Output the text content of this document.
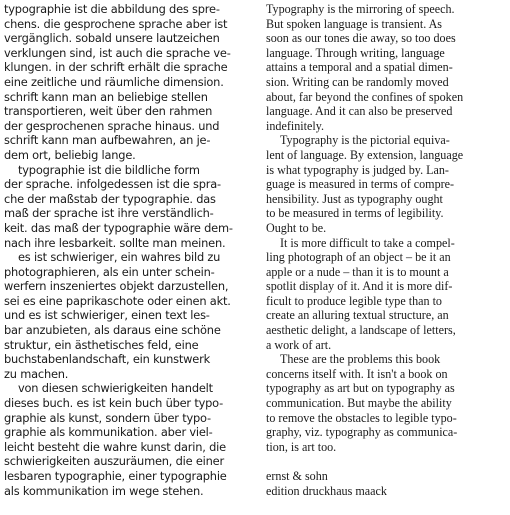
typographie ist die abbildung des spre-
chens. die gesprochene sprache aber ist
vergänglich. sobald unsere lautzeichen
verklungen sind, ist auch die sprache ve-
klungen. in der schrift erhält die sprache
eine zeitliche und räumliche dimension.
schrift kann man an beliebige stellen
transportieren, weit über den rahmen
der gesprochenen sprache hinaus. und
schrift kann man aufbewahren, an je-
dem ort, beliebig lange.
typographie ist die bildliche form
der sprache. infolgedessen ist die spra-
che der maßstab der typographie. das
maß der sprache ist ihre verständlich-
keit. das maß der typographie wäre dem-
nach ihre lesbarkeit. sollte man meinen.
es ist schwieriger, ein wahres bild zu
photographieren, als ein unter schein-
werfern inszeniertes objekt darzustellen,
sei es eine paprikaschote oder einen akt.
und es ist schwieriger, einen text les-
bar anzubieten, als daraus eine schöne
struktur, ein ästhetisches feld, eine
buchstabenlandschaft, ein kunstwerk
zu machen.
von diesen schwierigkeiten handelt
dieses buch. es ist kein buch über typo-
graphie als kunst, sondern über typo-
graphie als kommunikation. aber viel-
leicht besteht die wahre kunst darin, die
schwierigkeiten auszuräumen, die einer
lesbaren typographie, einer typographie
als kommunikation im wege stehen.
Typography is the mirroring of speech.
But spoken language is transient. As
soon as our tones die away, so too does
language. Through writing, language
attains a temporal and a spatial dimen-
sion. Writing can be randomly moved
about, far beyond the confines of spoken
language. And it can also be preserved
indefinitely.
Typography is the pictorial equiva-
lent of language. By extension, language
is what typography is judged by. Lan-
guage is measured in terms of compre-
hensibility. Just as typography ought
to be measured in terms of legibility.
Ought to be.
It is more difficult to take a compel-
ling photograph of an object – be it an
apple or a nude – than it is to mount a
spotlit display of it. And it is more dif-
ficult to produce legible type than to
create an alluring textual structure, an
aesthetic delight, a landscape of letters,
a work of art.
These are the problems this book
concerns itself with. It isn't a book on
typography as art but on typography as
communication. But maybe the ability
to remove the obstacles to legible typo-
graphy, viz. typography as communica-
tion, is art too.
ernst & sohn
edition druckhaus maack
